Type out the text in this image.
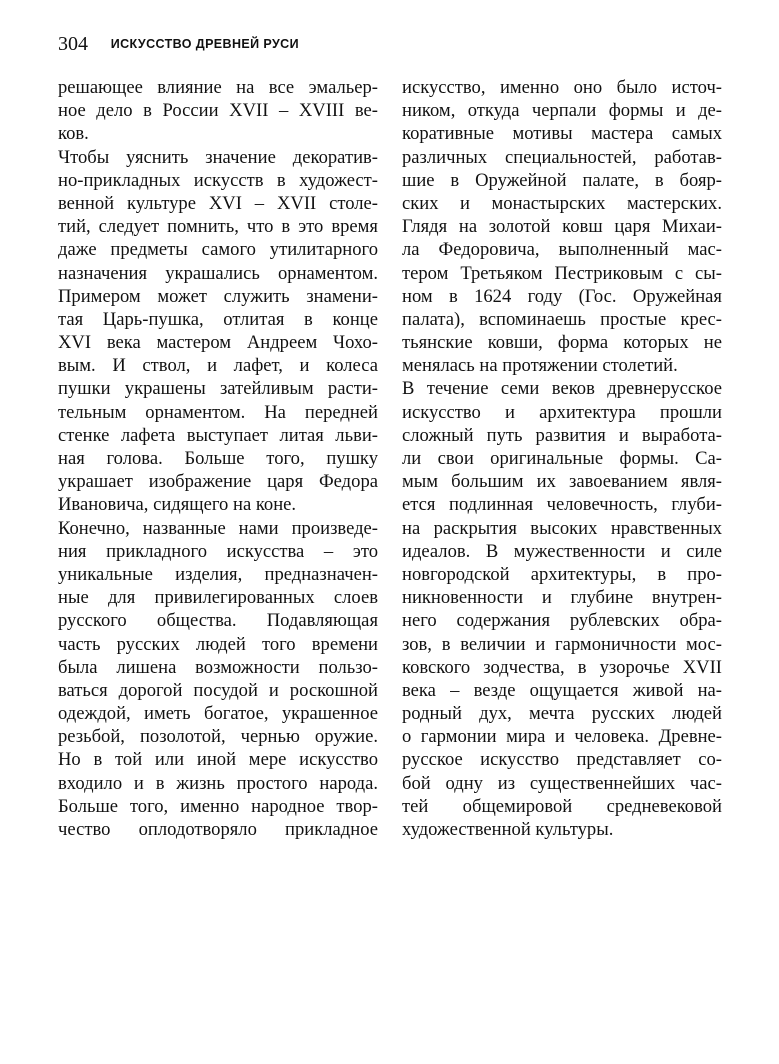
304 ИСКУССТВО ДРЕВНЕЙ РУСИ
решающее влияние на все эмальер-
ное дело в России XVII – XVIII ве-
ков.
Чтобы уяснить значение декоратив-
но-прикладных искусств в художест-
венной культуре XVI – XVII столе-
тий, следует помнить, что в это время
даже предметы самого утилитарного
назначения украшались орнаментом.
Примером может служить знамени-
тая Царь-пушка, отлитая в конце
XVI века мастером Андреем Чохо-
вым. И ствол, и лафет, и колеса
пушки украшены затейливым расти-
тельным орнаментом. На передней
стенке лафета выступает литая льви-
ная голова. Больше того, пушку
украшает изображение царя Федора
Ивановича, сидящего на коне.
Конечно, названные нами произведе-
ния прикладного искусства – это
уникальные изделия, предназначен-
ные для привилегированных слоев
русского общества. Подавляющая
часть русских людей того времени
была лишена возможности пользо-
ваться дорогой посудой и роскошной
одеждой, иметь богатое, украшенное
резьбой, позолотой, чернью оружие.
Но в той или иной мере искусство
входило и в жизнь простого народа.
Больше того, именно народное твор-
чество оплодотворяло прикладное
искусство, именно оно было источ-
ником, откуда черпали формы и де-
коративные мотивы мастера самых
различных специальностей, работав-
шие в Оружейной палате, в бояр-
ских и монастырских мастерских.
Глядя на золотой ковш царя Михаи-
ла Федоровича, выполненный мас-
тером Третьяком Пестриковым с сы-
ном в 1624 году (Гос. Оружейная
палата), вспоминаешь простые крес-
тьянские ковши, форма которых не
менялась на протяжении столетий.
В течение семи веков древнерусское
искусство и архитектура прошли
сложный путь развития и выработа-
ли свои оригинальные формы. Са-
мым большим их завоеванием явля-
ется подлинная человечность, глуби-
на раскрытия высоких нравственных
идеалов. В мужественности и силе
новгородской архитектуры, в про-
никновенности и глубине внутрен-
него содержания рублевских обра-
зов, в величии и гармоничности мос-
ковского зодчества, в узорочье XVII
века – везде ощущается живой на-
родный дух, мечта русских людей
о гармонии мира и человека. Древне-
русское искусство представляет со-
бой одну из существеннейших час-
тей общемировой средневековой
художественной культуры.
